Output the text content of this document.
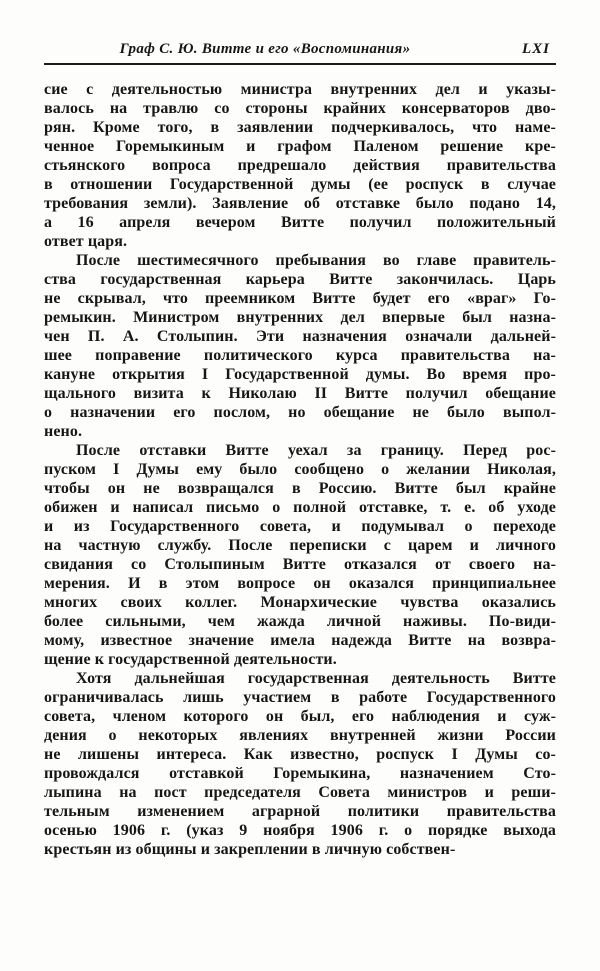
Граф С. Ю. Витте и его «Воспоминания»	LXI
сие с деятельностью министра внутренних дел и указы-
валось на травлю со стороны крайних консерваторов дво-
рян. Кроме того, в заявлении подчеркивалось, что наме-
ченное Горемыкиным и графом Паленом решение кре-
стьянского вопроса предрешало действия правительства
в отношении Государственной думы (ее роспуск в случае
требования земли). Заявление об отставке было подано 14,
а 16 апреля вечером Витте получил положительный
ответ царя.
После шестимесячного пребывания во главе правитель-
ства государственная карьера Витте закончилась. Царь
не скрывал, что преемником Витте будет его «враг» Го-
ремыкин. Министром внутренних дел впервые был назна-
чен П. А. Столыпин. Эти назначения означали дальней-
шее поправение политического курса правительства на-
кануне открытия I Государственной думы. Во время про-
щального визита к Николаю II Витте получил обещание
о назначении его послом, но обещание не было выпол-
нено.
После отставки Витте уехал за границу. Перед рос-
пуском I Думы ему было сообщено о желании Николая,
чтобы он не возвращался в Россию. Витте был крайне
обижен и написал письмо о полной отставке, т. е. об уходе
и из Государственного совета, и подумывал о переходе
на частную службу. После переписки с царем и личного
свидания со Столыпиным Витте отказался от своего на-
мерения. И в этом вопросе он оказался принципиальнее
многих своих коллег. Монархические чувства оказались
более сильными, чем жажда личной наживы. По-види-
мому, известное значение имела надежда Витте на возвра-
щение к государственной деятельности.
Хотя дальнейшая государственная деятельность Витте
ограничивалась лишь участием в работе Государственного
совета, членом которого он был, его наблюдения и суж-
дения о некоторых явлениях внутренней жизни России
не лишены интереса. Как известно, роспуск I Думы со-
провождался отставкой Горемыкина, назначением Сто-
лыпина на пост председателя Совета министров и реши-
тельным изменением аграрной политики правительства
осенью 1906 г. (указ 9 ноября 1906 г. о порядке выхода
крестьян из общины и закреплении в личную собствен-
